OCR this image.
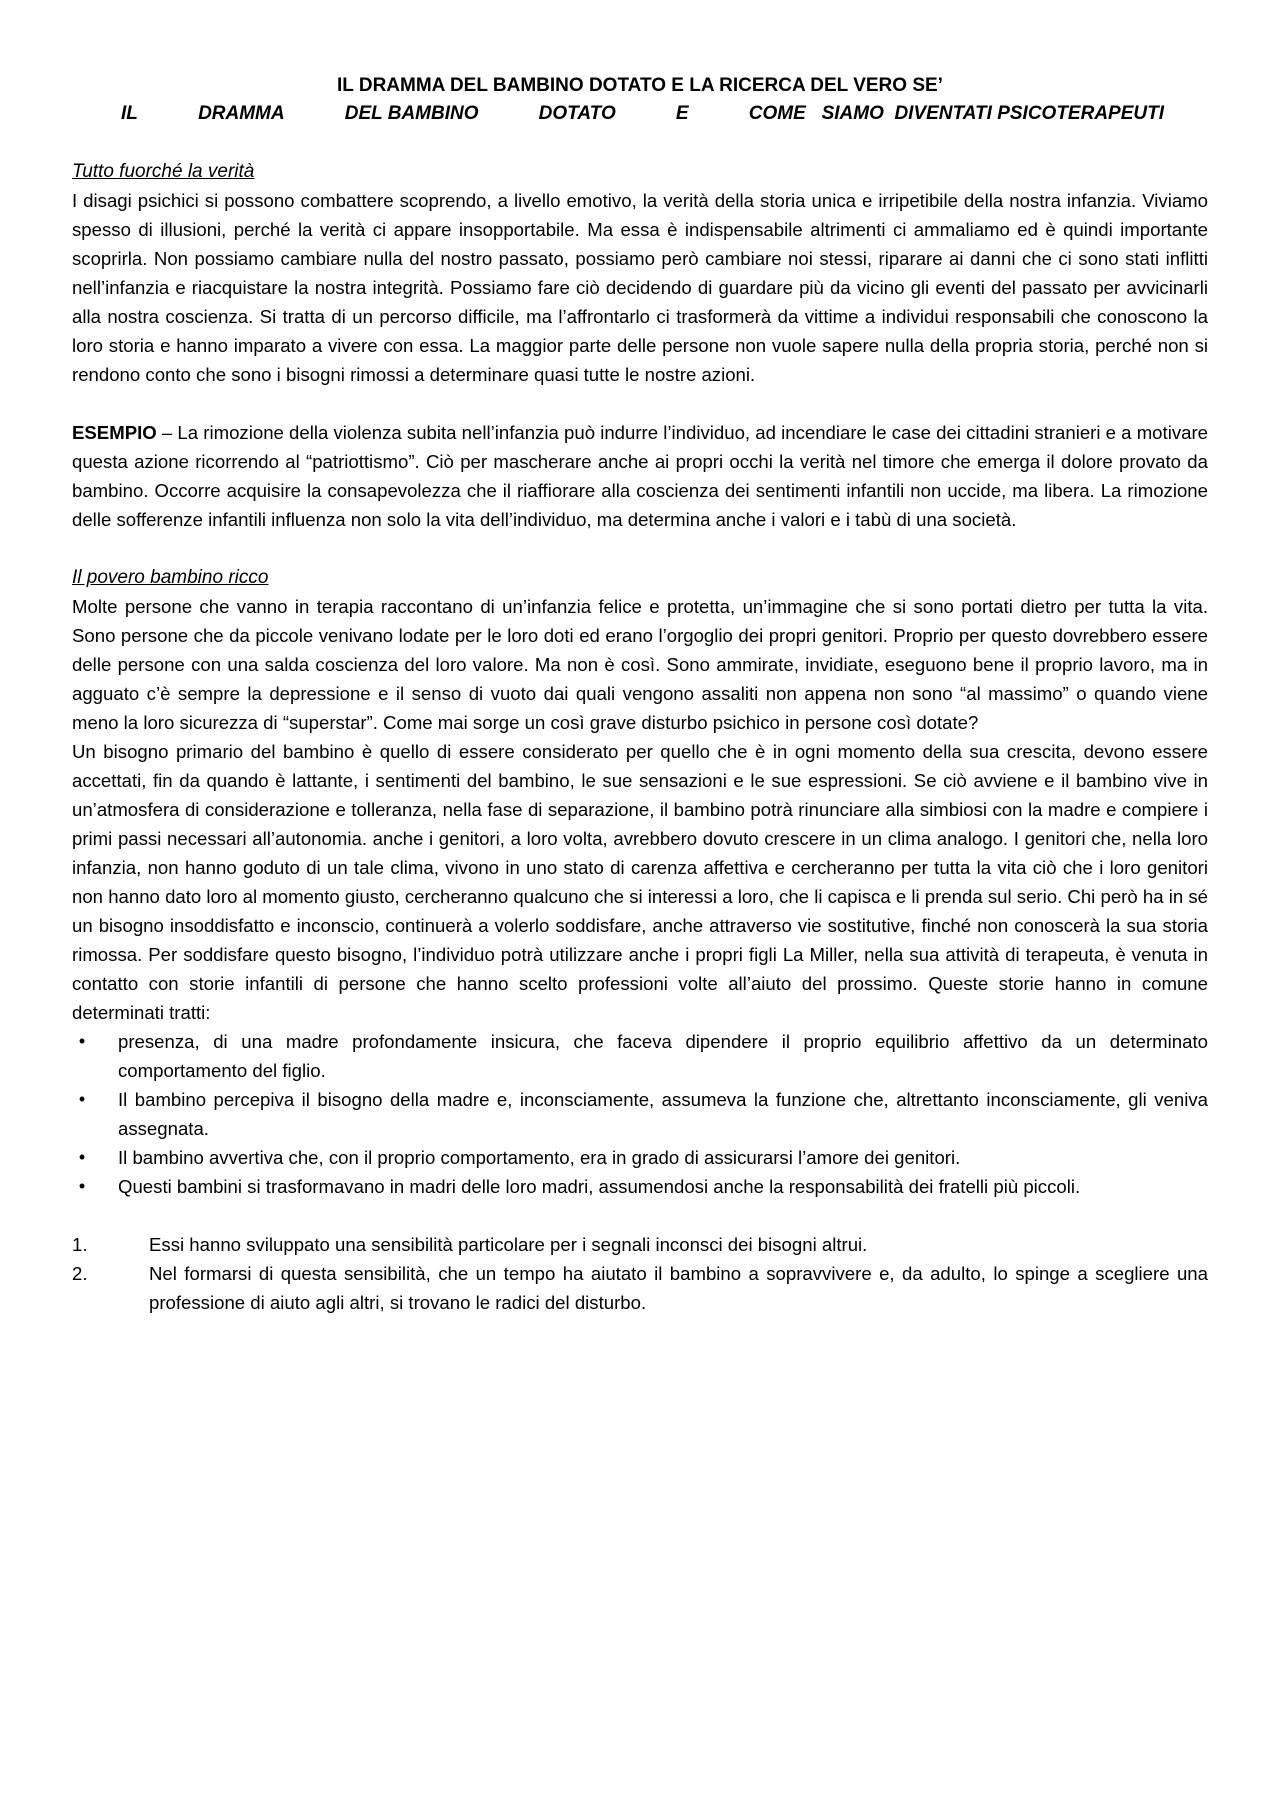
IL DRAMMA DEL BAMBINO DOTATO E LA RICERCA DEL VERO SE’
IL	DRAMMA	DEL BAMBINO	DOTATO	E	COME SIAMO DIVENTATI PSICOTERAPEUTI
Tutto fuorché la verità

I disagi psichici si possono combattere scoprendo, a livello emotivo, la verità della storia unica e irripetibile della nostra infanzia. Viviamo spesso di illusioni, perché la verità ci appare insopportabile. Ma essa è indispensabile altrimenti ci ammaliamo ed è quindi importante scoprirla. Non possiamo cambiare nulla del nostro passato, possiamo però cambiare noi stessi, riparare ai danni che ci sono stati inflitti nell’infanzia e riacquistare la nostra integrità. Possiamo fare ciò decidendo di guardare più da vicino gli eventi del passato per avvicinarli alla nostra coscienza. Si tratta di un percorso difficile, ma l’affrontarlo ci trasformerà da vittime a individui responsabili che conoscono la loro storia e hanno imparato a vivere con essa. La maggior parte delle persone non vuole sapere nulla della propria storia, perché non si rendono conto che sono i bisogni rimossi a determinare quasi tutte le nostre azioni.

ESEMPIO – La rimozione della violenza subita nell’infanzia può indurre l’individuo, ad incendiare le case dei cittadini stranieri e a motivare questa azione ricorrendo al “patriottismo”. Ciò per mascherare anche ai propri occhi la verità nel timore che emerga il dolore provato da bambino. Occorre acquisire la consapevolezza che il riaffiorare alla coscienza dei sentimenti infantili non uccide, ma libera. La rimozione delle sofferenze infantili influenza non solo la vita dell’individuo, ma determina anche i valori e i tabù di una società.

Il povero bambino ricco

Molte persone che vanno in terapia raccontano di un’infanzia felice e protetta, un’immagine che si sono portati dietro per tutta la vita. Sono persone che da piccole venivano lodate per le loro doti ed erano l’orgoglio dei propri genitori. Proprio per questo dovrebbero essere delle persone con una salda coscienza del loro valore. Ma non è così. Sono ammirate, invidiate, eseguono bene il proprio lavoro, ma in agguato c’è sempre la depressione e il senso di vuoto dai quali vengono assaliti non appena non sono “al massimo” o quando viene meno la loro sicurezza di “superstar”. Come mai sorge un così grave disturbo psichico in persone così dotate?

Un bisogno primario del bambino è quello di essere considerato per quello che è in ogni momento della sua crescita, devono essere accettati, fin da quando è lattante, i sentimenti del bambino, le sue sensazioni e le sue espressioni. Se ciò avviene e il bambino vive in un’atmosfera di considerazione e tolleranza, nella fase di separazione, il bambino potrà rinunciare alla simbiosi con la madre e compiere i primi passi necessari all’autonomia. anche i genitori, a loro volta, avrebbero dovuto crescere in un clima analogo. I genitori che, nella loro infanzia, non hanno goduto di un tale clima, vivono in uno stato di carenza affettiva e cercheranno per tutta la vita ciò che i loro genitori non hanno dato loro al momento giusto, cercheranno qualcuno che si interessi a loro, che li capisca e li prenda sul serio. Chi però ha in sé un bisogno insoddisfatto e inconscio, continuerà a volerlo soddisfare, anche attraverso vie sostitutive, finché non conoscerà la sua storia rimossa. Per soddisfare questo bisogno, l’individuo potrà utilizzare anche i propri figli La Miller, nella sua attività di terapeuta, è venuta in contatto con storie infantili di persone che hanno scelto professioni volte all’aiuto del prossimo. Queste storie hanno in comune determinati tratti:

•	presenza, di una madre profondamente insicura, che faceva dipendere il proprio equilibrio affettivo da un determinato comportamento del figlio.
•	Il bambino percepiva il bisogno della madre e, inconsciamente, assumeva la funzione che, altrettanto inconsciamente, gli veniva assegnata.
•	Il bambino avvertiva che, con il proprio comportamento, era in grado di assicurarsi l’amore dei genitori.
•	Questi bambini si trasformavano in madri delle loro madri, assumendosi anche la responsabilità dei fratelli più piccoli.
1.	Essi hanno sviluppato una sensibilità particolare per i segnali inconsci dei bisogni altrui.
2.	Nel formarsi di questa sensibilità, che un tempo ha aiutato il bambino a sopravvivere e, da adulto, lo spinge a scegliere una professione di aiuto agli altri, si trovano le radici del disturbo.
